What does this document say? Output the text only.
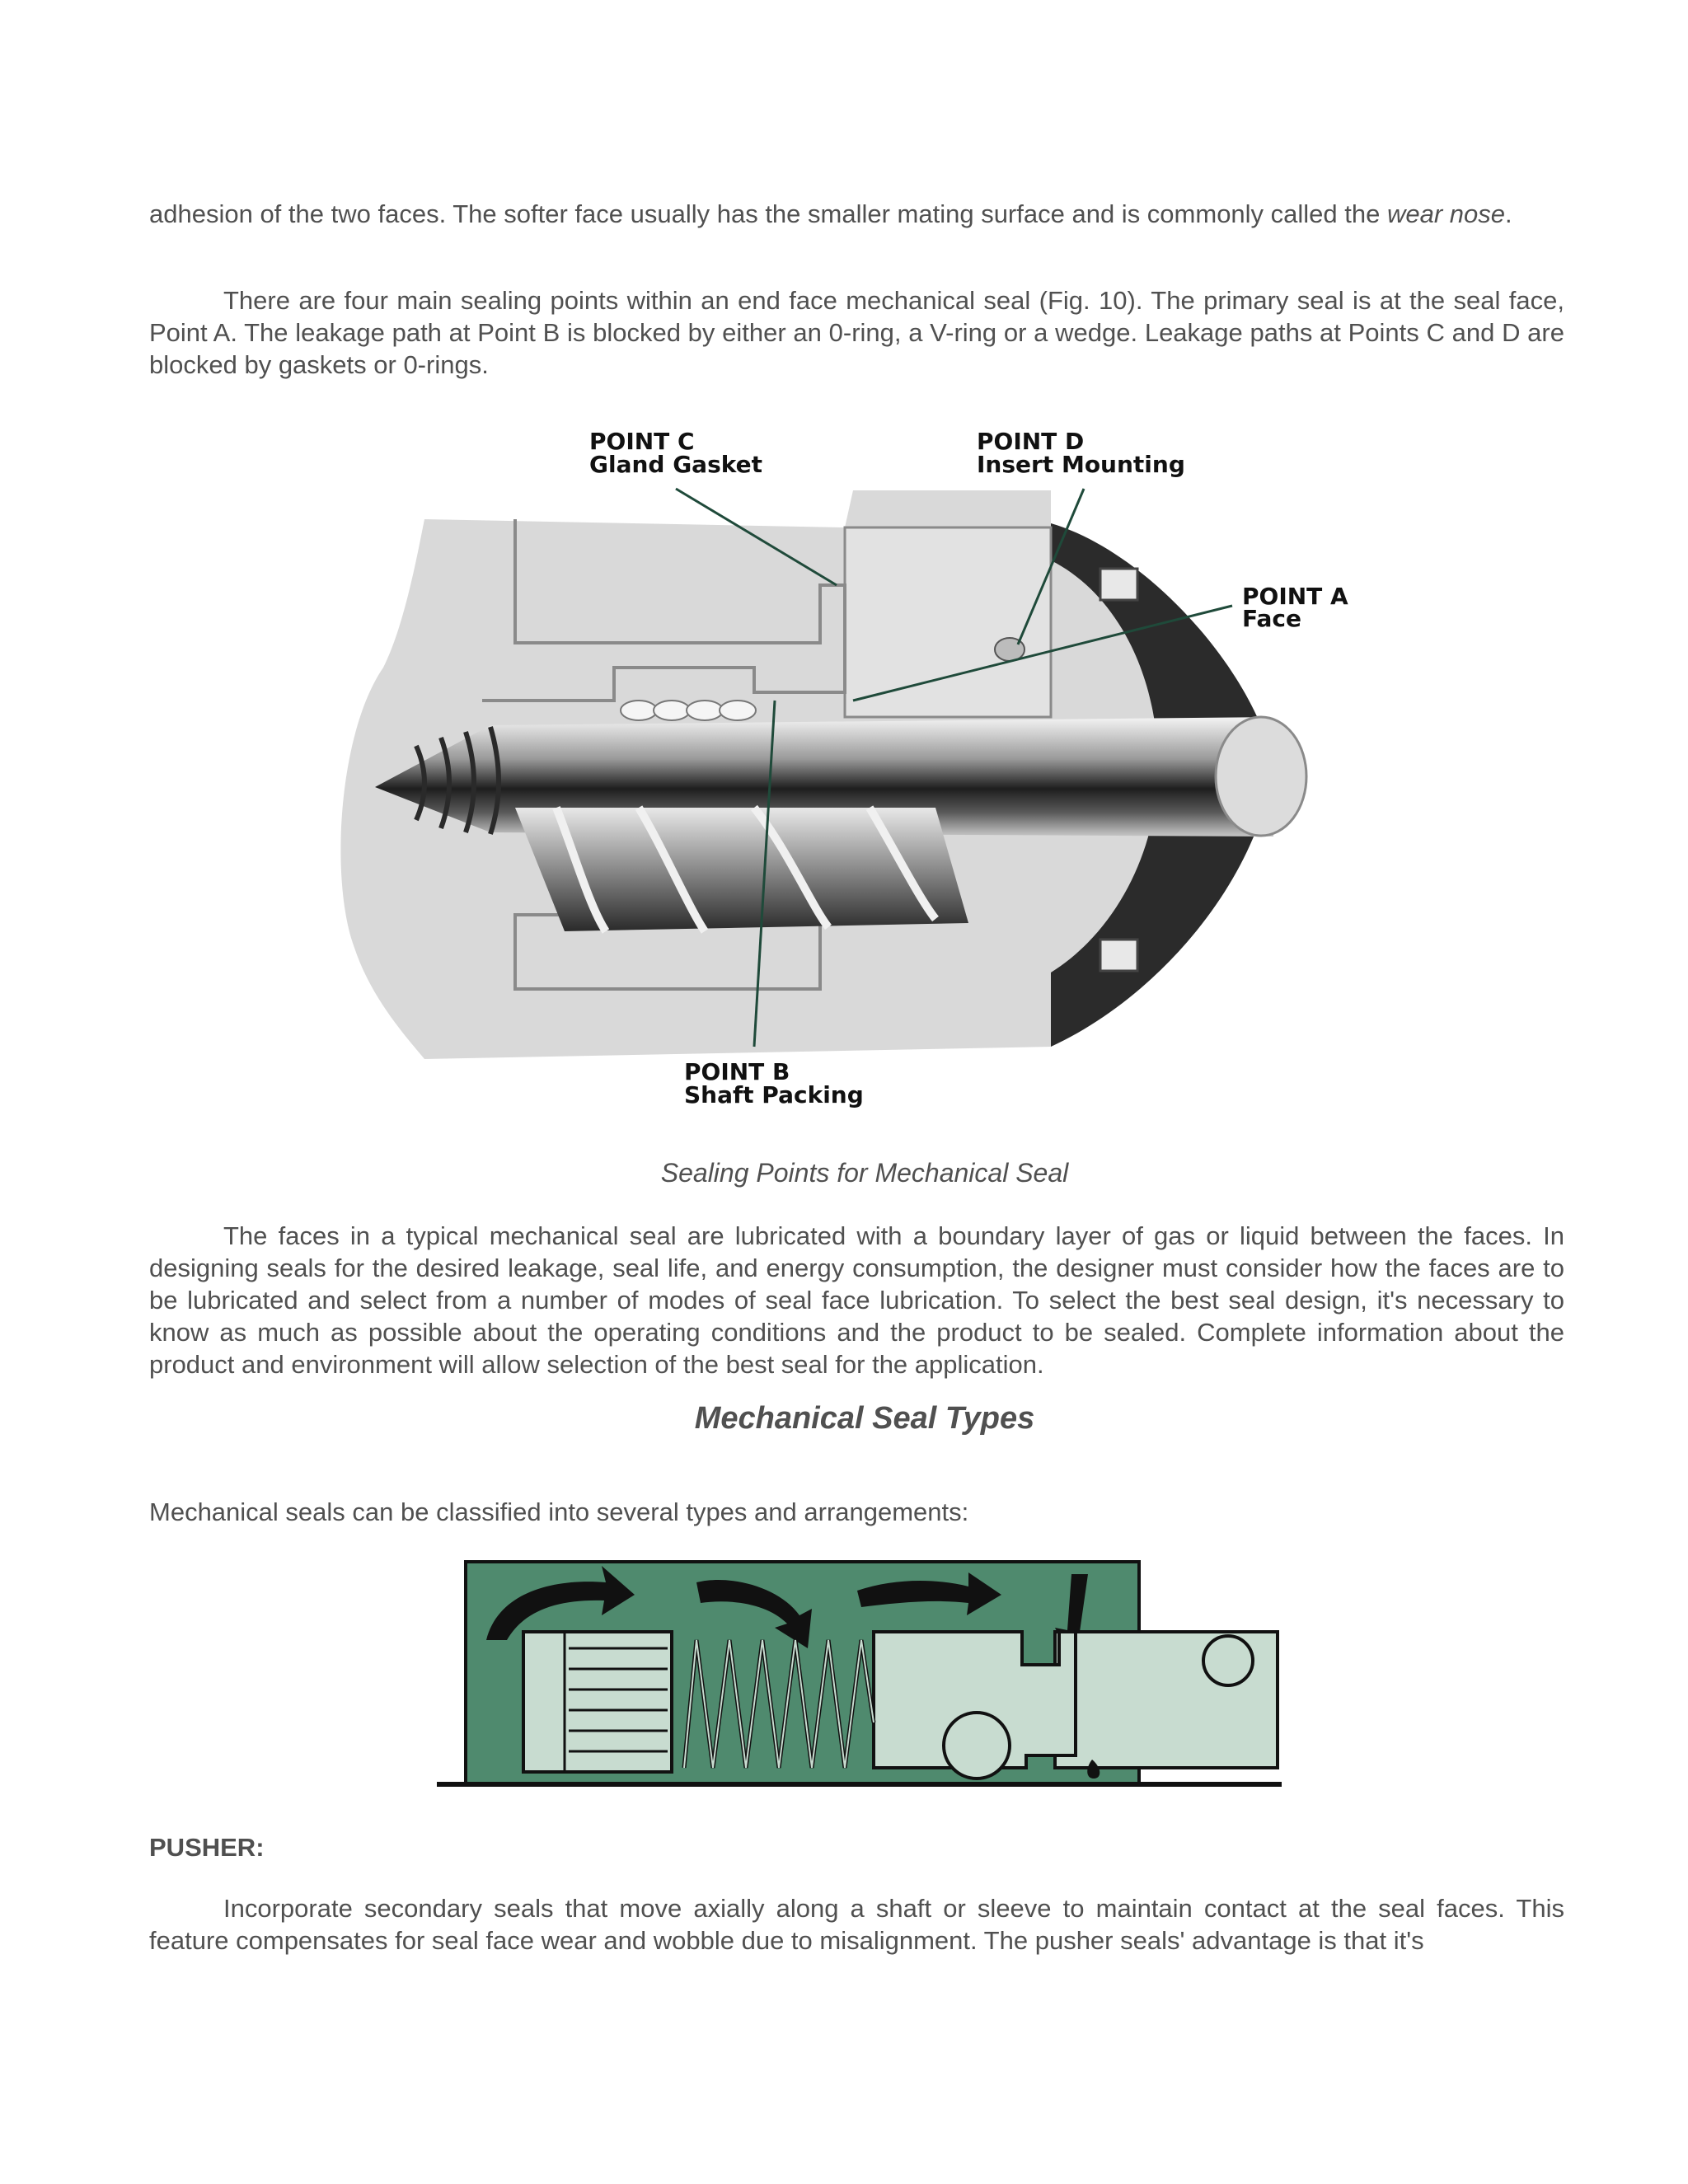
adhesion of the two faces. The softer face usually has the smaller mating surface and is commonly called the wear nose.

There are four main sealing points within an end face mechanical seal (Fig. 10). The primary seal is at the seal face, Point A. The leakage path at Point B is blocked by either an 0-ring, a V-ring or a wedge. Leakage paths at Points C and D are blocked by gaskets or 0-rings.

POINT C
Gland Gasket
POINT D
Insert Mounting
POINT A
Face
POINT B
Shaft Packing

Sealing Points for Mechanical Seal

The faces in a typical mechanical seal are lubricated with a boundary layer of gas or liquid between the faces. In designing seals for the desired leakage, seal life, and energy consumption, the designer must consider how the faces are to be lubricated and select from a number of modes of seal face lubrication. To select the best seal design, it's necessary to know as much as possible about the operating conditions and the product to be sealed. Complete information about the product and environment will allow selection of the best seal for the application.

Mechanical Seal Types

Mechanical seals can be classified into several types and arrangements:

PUSHER:

Incorporate secondary seals that move axially along a shaft or sleeve to maintain contact at the seal faces. This feature compensates for seal face wear and wobble due to misalignment. The pusher seals' advantage is that it's
